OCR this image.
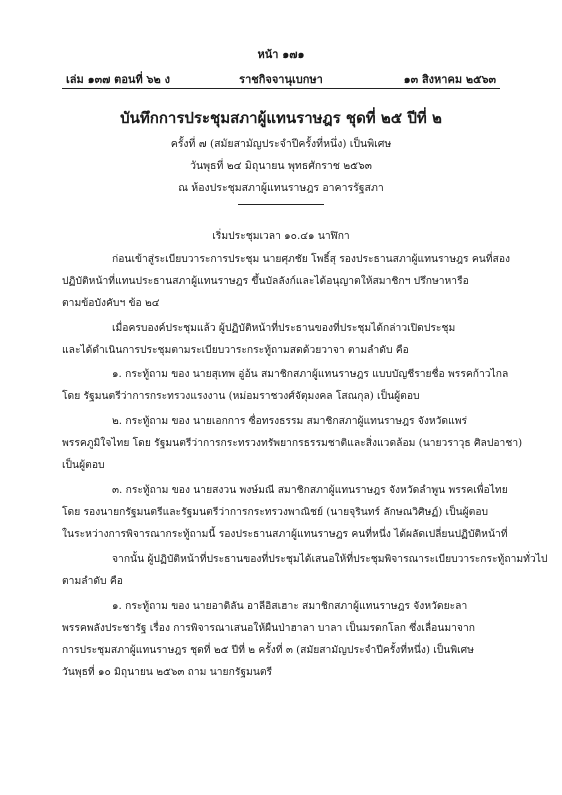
หน้า ๑๗๑
เล่ม ๑๓๗ ตอนที่ ๖๒ ง	ราชกิจจานุเบกษา	๑๓ สิงหาคม ๒๕๖๓
บันทึกการประชุมสภาผู้แทนราษฎร ชุดที่ ๒๕ ปีที่ ๒
ครั้งที่ ๗ (สมัยสามัญประจำปีครั้งที่หนึ่ง) เป็นพิเศษ
วันพุธที่ ๒๔ มิถุนายน พุทธศักราช ๒๕๖๓
ณ ห้องประชุมสภาผู้แทนราษฎร อาคารรัฐสภา
เริ่มประชุมเวลา ๑๐.๔๑ นาฬิกา
ก่อนเข้าสู่ระเบียบวาระการประชุม นายศุภชัย โพธิ์สุ รองประธานสภาผู้แทนราษฎร คนที่สอง
ปฏิบัติหน้าที่แทนประธานสภาผู้แทนราษฎร ขึ้นบัลลังก์และได้อนุญาตให้สมาชิกฯ ปรึกษาหารือ
ตามข้อบังคับฯ ข้อ ๒๔
เมื่อครบองค์ประชุมแล้ว ผู้ปฏิบัติหน้าที่ประธานของที่ประชุมได้กล่าวเปิดประชุม
และได้ดำเนินการประชุมตามระเบียบวาระกระทู้ถามสดด้วยวาจา ตามลำดับ คือ
๑. กระทู้ถาม ของ นายสุเทพ อู่อ้น สมาชิกสภาผู้แทนราษฎร แบบบัญชีรายชื่อ พรรคก้าวไกล
โดย รัฐมนตรีว่าการกระทรวงแรงงาน (หม่อมราชวงศ์จัตุมงคล โสณกุล) เป็นผู้ตอบ
๒. กระทู้ถาม ของ นายเอกการ ซื่อทรงธรรม สมาชิกสภาผู้แทนราษฎร จังหวัดแพร่
พรรคภูมิใจไทย โดย รัฐมนตรีว่าการกระทรวงทรัพยากรธรรมชาติและสิ่งแวดล้อม (นายวราวุธ ศิลปอาชา)
เป็นผู้ตอบ
๓. กระทู้ถาม ของ นายสงวน พงษ์มณี สมาชิกสภาผู้แทนราษฎร จังหวัดลำพูน พรรคเพื่อไทย
โดย รองนายกรัฐมนตรีและรัฐมนตรีว่าการกระทรวงพาณิชย์ (นายจุรินทร์ ลักษณวิศิษฏ์) เป็นผู้ตอบ
ในระหว่างการพิจารณากระทู้ถามนี้ รองประธานสภาผู้แทนราษฎร คนที่หนึ่ง ได้ผลัดเปลี่ยนปฏิบัติหน้าที่
จากนั้น ผู้ปฏิบัติหน้าที่ประธานของที่ประชุมได้เสนอให้ที่ประชุมพิจารณาระเบียบวาระกระทู้ถามทั่วไป
ตามลำดับ คือ
๑. กระทู้ถาม ของ นายอาดิลัน อาลีอิสเฮาะ สมาชิกสภาผู้แทนราษฎร จังหวัดยะลา
พรรคพลังประชารัฐ เรื่อง การพิจารณาเสนอให้ผืนป่าฮาลา บาลา เป็นมรดกโลก ซึ่งเลื่อนมาจาก
การประชุมสภาผู้แทนราษฎร ชุดที่ ๒๕ ปีที่ ๒ ครั้งที่ ๓ (สมัยสามัญประจำปีครั้งที่หนึ่ง) เป็นพิเศษ
วันพุธที่ ๑๐ มิถุนายน ๒๕๖๓ ถาม นายกรัฐมนตรี
